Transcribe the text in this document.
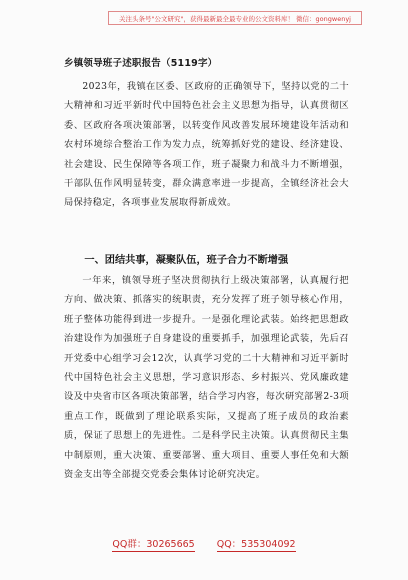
关注头条号"公文研究"，获得最新最全最专业的公文资料库！ 微信：gongwenyj
乡镇领导班子述职报告（5119字）

2023年，我镇在区委、区政府的正确领导下，坚持以党的二十大精神和习近平新时代中国特色社会主义思想为指导，认真贯彻区委、区政府各项决策部署，以转变作风改善发展环境建设年活动和农村环境综合整治工作为发力点，统筹抓好党的建设、经济建设、社会建设、民生保障等各项工作，班子凝聚力和战斗力不断增强，干部队伍作风明显转变，群众满意率进一步提高，全镇经济社会大局保持稳定，各项事业发展取得新成效。

一、团结共事，凝聚队伍，班子合力不断增强

一年来，镇领导班子坚决贯彻执行上级决策部署，认真履行把方向、做决策、抓落实的统职责，充分发挥了班子领导核心作用，班子整体功能得到进一步提升。一是强化理论武装。始终把思想政治建设作为加强班子自身建设的重要抓手，加强理论武装，先后召开党委中心组学习会12次，认真学习党的二十大精神和习近平新时代中国特色社会主义思想，学习意识形态、乡村振兴、党风廉政建设及中央省市区各项决策部署，结合学习内容，每次研究部署2-3项重点工作，既做到了理论联系实际，又提高了班子成员的政治素质，保证了思想上的先进性。二是科学民主决策。认真贯彻民主集中制原则，重大决策、重要部署、重大项目、重要人事任免和大额资金支出等全部提交党委会集体讨论研究决定。

QQ群：30265665 QQ：535304092
